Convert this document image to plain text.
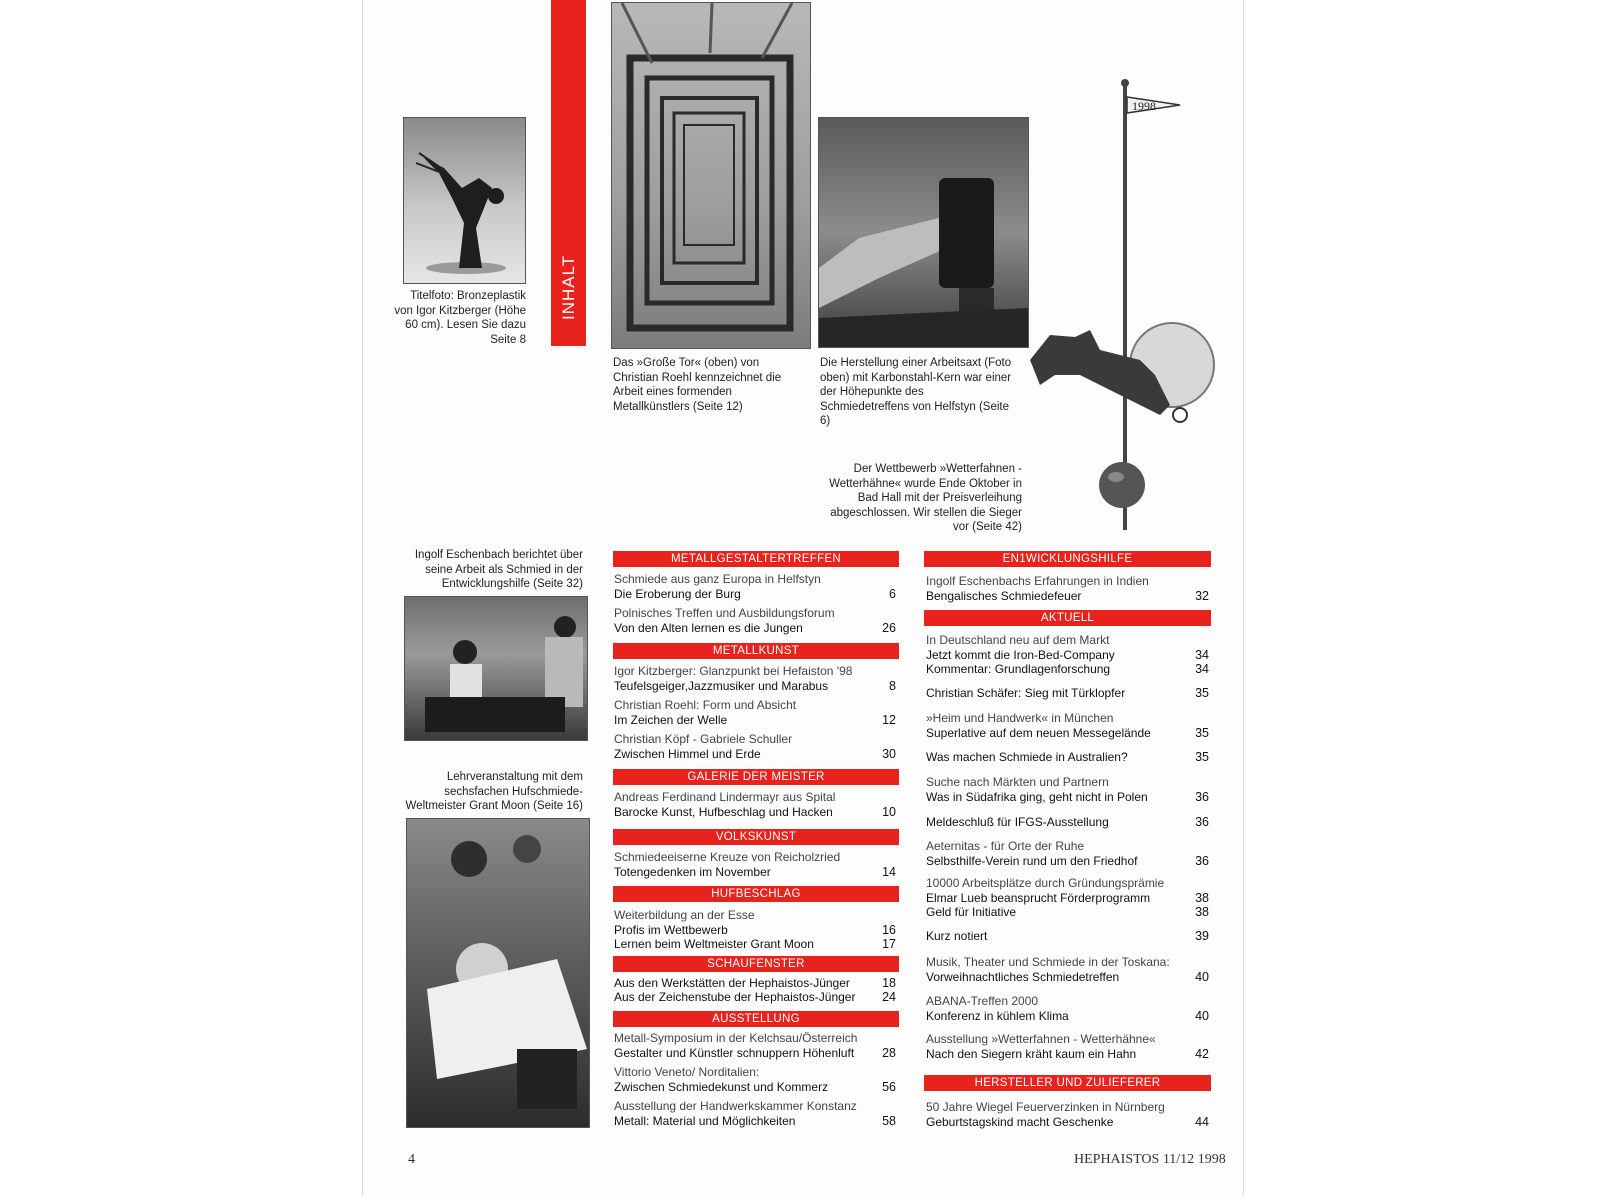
Titelfoto: Bronzeplastik von Igor Kitzberger (Höhe 60 cm). Lesen Sie dazu Seite 8
INHALT
Das »Große Tor« (oben) von Christian Roehl kennzeichnet die Arbeit eines formenden Metallkünstlers (Seite 12)
Die Herstellung einer Arbeitsaxt (Foto oben) mit Karbonstahl-Kern war einer der Höhepunkte des Schmiedetreffens von Helfstyn (Seite 6)
1998
Der Wettbewerb »Wetterfahnen - Wetterhähne« wurde Ende Oktober in Bad Hall mit der Preisverleihung abgeschlossen. Wir stellen die Sieger vor (Seite 42)
Ingolf Eschenbach berichtet über seine Arbeit als Schmied in der Entwicklungshilfe (Seite 32)
Lehrveranstaltung mit dem sechsfachen Hufschmiede-Weltmeister Grant Moon (Seite 16)
METALLGESTALTERTREFFEN
METALLKUNST
GALERIE DER MEISTER
VOLKSKUNST
HUFBESCHLAG
SCHAUFENSTER
AUSSTELLUNG
Schmiede aus ganz Europa in Helfstyn
Die Eroberung der Burg	6
Polnisches Treffen und Ausbildungsforum
Von den Alten lernen es die Jungen	26
Igor Kitzberger: Glanzpunkt bei Hefaiston '98
Teufelsgeiger,Jazzmusiker und Marabus	8
Christian Roehl: Form und Absicht
Im Zeichen der Welle	12
Christian Köpf - Gabriele Schuller
Zwischen Himmel und Erde	30
Andreas Ferdinand Lindermayr aus Spital
Barocke Kunst, Hufbeschlag und Hacken	10
Schmiedeeiserne Kreuze von Reicholzried
Totengedenken im November	14
Weiterbildung an der Esse
Profis im Wettbewerb	16
Lernen beim Weltmeister Grant Moon	17
Aus den Werkstätten der Hephaistos-Jünger	18
Aus der Zeichenstube der Hephaistos-Jünger	24
Metall-Symposium in der Kelchsau/Österreich
Gestalter und Künstler schnuppern Höhenluft	28
Vittorio Veneto/ Norditalien:
Zwischen Schmiedekunst und Kommerz	56
Ausstellung der Handwerkskammer Konstanz
Metall: Material und Möglichkeiten	58
EN1WICKLUNGSHILFE
AKTUELL
HERSTELLER UND ZULIEFERER
Ingolf Eschenbachs Erfahrungen in Indien
Bengalisches Schmiedefeuer	32
In Deutschland neu auf dem Markt
Jetzt kommt die Iron-Bed-Company	34
Kommentar: Grundlagenforschung	34
Christian Schäfer: Sieg mit Türklopfer	35
»Heim und Handwerk« in München
Superlative auf dem neuen Messegelände	35
Was machen Schmiede in Australien?	35
Suche nach Märkten und Partnern
Was in Südafrika ging, geht nicht in Polen	36
Meldeschluß für IFGS-Ausstellung	36
Aeternitas - für Orte der Ruhe
Selbsthilfe-Verein rund um den Friedhof	36
10000 Arbeitsplätze durch Gründungsprämie
Elmar Lueb beansprucht Förderprogramm	38
Geld für Initiative	38
Kurz notiert	39
Musik, Theater und Schmiede in der Toskana:
Vorweihnachtliches Schmiedetreffen	40
ABANA-Treffen 2000
Konferenz in kühlem Klima	40
Ausstellung »Wetterfahnen - Wetterhähne«
Nach den Siegern kräht kaum ein Hahn	42
50 Jahre Wiegel Feuerverzinken in Nürnberg
Geburtstagskind macht Geschenke	44
4	HEPHAISTOS 11/12 1998
